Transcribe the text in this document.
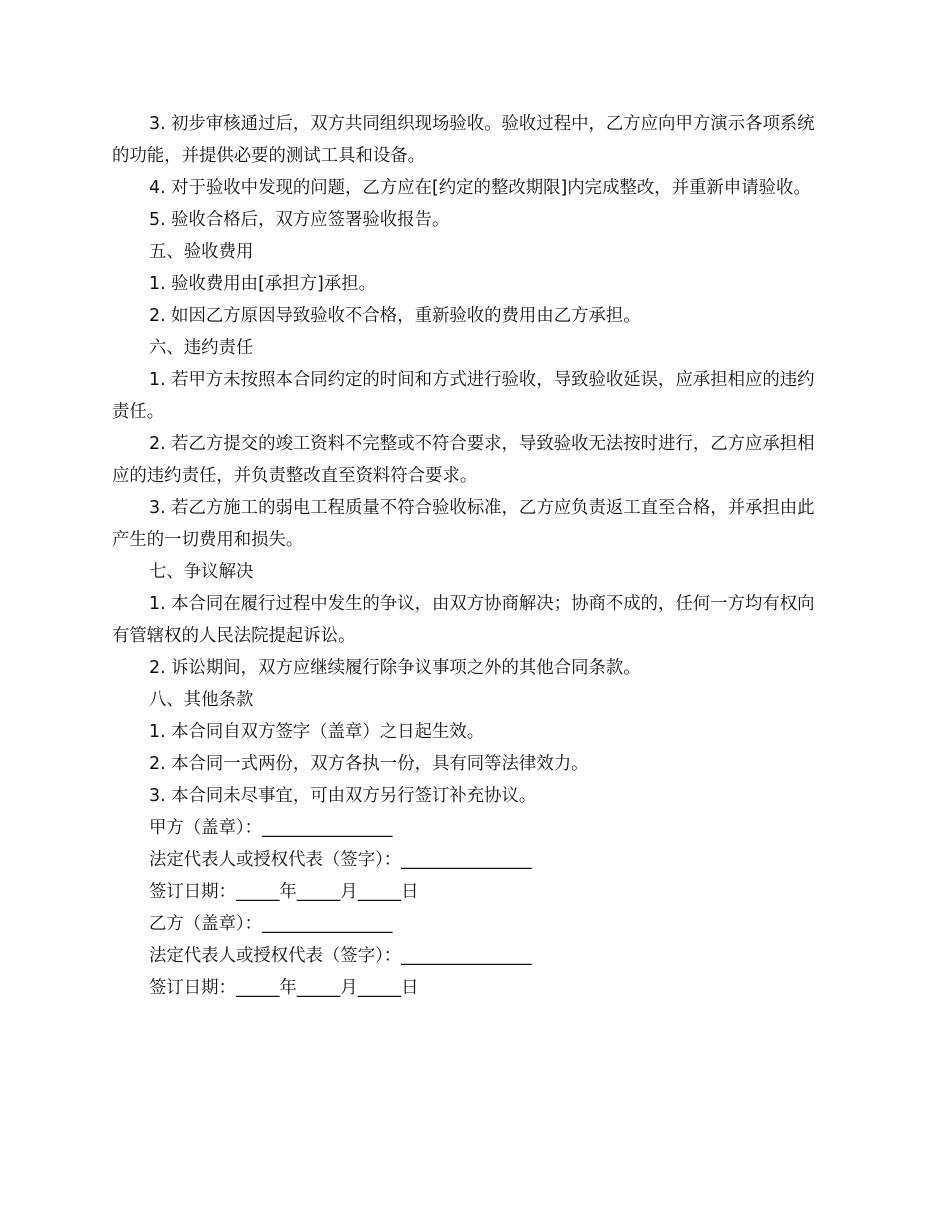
3. 初步审核通过后，双方共同组织现场验收。验收过程中，乙方应向甲方演示各项系统的功能，并提供必要的测试工具和设备。

4. 对于验收中发现的问题，乙方应在[约定的整改期限]内完成整改，并重新申请验收。

5. 验收合格后，双方应签署验收报告。

五、验收费用

1. 验收费用由[承担方]承担。

2. 如因乙方原因导致验收不合格，重新验收的费用由乙方承担。

六、违约责任

1. 若甲方未按照本合同约定的时间和方式进行验收，导致验收延误，应承担相应的违约责任。

2. 若乙方提交的竣工资料不完整或不符合要求，导致验收无法按时进行，乙方应承担相应的违约责任，并负责整改直至资料符合要求。

3. 若乙方施工的弱电工程质量不符合验收标准，乙方应负责返工直至合格，并承担由此产生的一切费用和损失。

七、争议解决

1. 本合同在履行过程中发生的争议，由双方协商解决；协商不成的，任何一方均有权向有管辖权的人民法院提起诉讼。

2. 诉讼期间，双方应继续履行除争议事项之外的其他合同条款。

八、其他条款

1. 本合同自双方签字（盖章）之日起生效。

2. 本合同一式两份，双方各执一份，具有同等法律效力。

3. 本合同未尽事宜，可由双方另行签订补充协议。

甲方（盖章）：_______________

法定代表人或授权代表（签字）：_______________

签订日期：_____年_____月_____日

乙方（盖章）：_______________

法定代表人或授权代表（签字）：_______________

签订日期：_____年_____月_____日
